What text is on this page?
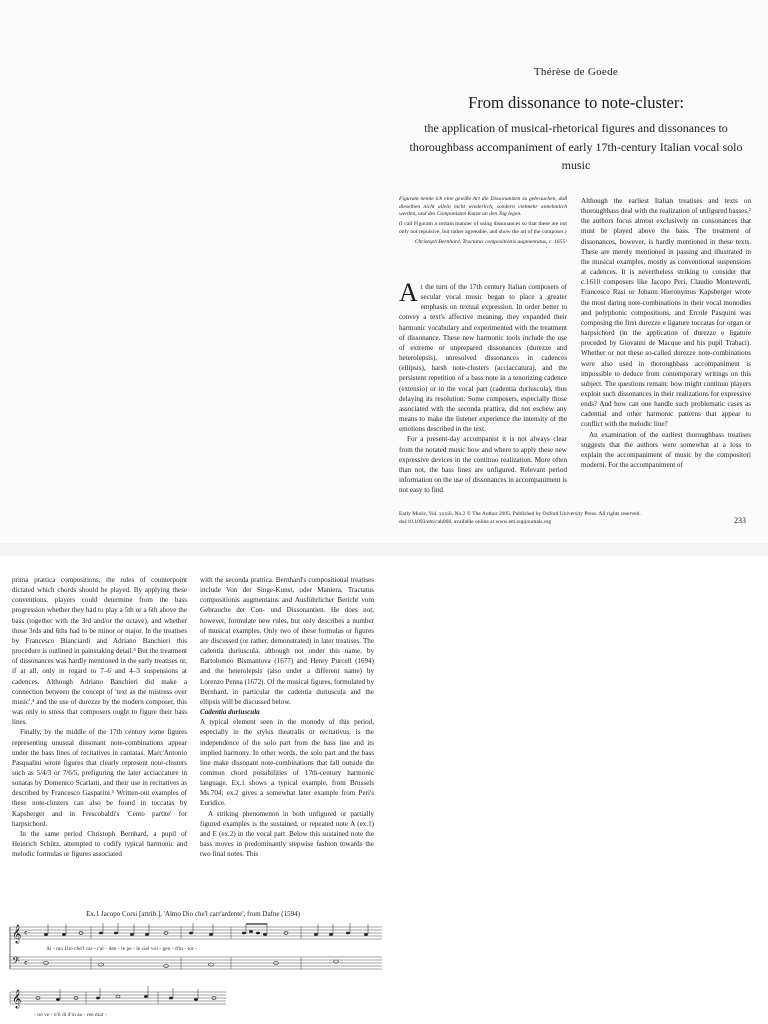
Thérèse de Goede
From dissonance to note-cluster:
the application of musical-rhetorical figures and dissonances to thoroughbass accompaniment of early 17th-century Italian vocal solo music

Figuram nenne ich eine gewiße Art die Dissonantzen zu gebrauchen, daß dieselben nicht allein nicht wiederlich, sondern vielmehr annehmlich werden, und des Componisten Kunst an den Tag legen.

(I call Figuram a certain manner of using dissonances so that these are not only not repulsive, but rather agreeable, and show the art of the composer.)

Christoph Bernhard, Tractatus compositionis augmentatus, c. 1655¹

At the turn of the 17th century Italian composers of secular vocal music began to place a greater emphasis on textual expression. In order better to convey a text's affective meaning, they expanded their harmonic vocabulary and experimented with the treatment of dissonance. These new harmonic tools include the use of extreme or unprepared dissonances (durezze and heterolepsis), unresolved dissonances in cadences (ellipsis), harsh note-clusters (acciaccatura), and the persistent repetition of a bass note in a tenorizing cadence (extensio) or in the vocal part (cadentia duriuscula), thus delaying its resolution. Some composers, especially those associated with the seconda prattica, did not eschew any means to make the listener experience the intensity of the emotions described in the text.

For a present-day accompanist it is not always clear from the notated music how and where to apply these new expressive devices in the continuo realization. More often than not, the bass lines are unfigured. Relevant period information on the use of dissonances in accompaniment is not easy to find.

Although the earliest Italian treatises and texts on thoroughbass deal with the realization of unfigured basses,² the authors focus almost exclusively on consonances that must be played above the bass. The treatment of dissonances, however, is hardly mentioned in these texts. These are merely mentioned in passing and illustrated in the musical examples, mostly as conventional suspensions at cadences. It is nevertheless striking to consider that c.1610 composers like Jacopo Peri, Claudio Monteverdi, Francesco Rasi or Johann Hieronymus Kapsberger wrote the most daring note-combinations in their vocal monodies and polyphonic compositions, and Ercole Pasquini was composing the first durezze e ligature toccatas for organ or harpsichord (in the application of durezze e ligature preceded by Giovanni de Macque and his pupil Trabaci). Whether or not these so-called durezze note-combinations were also used in thoroughbass accompaniment is impossible to deduce from contemporary writings on this subject. The questions remain: how might continuo players exploit such dissonances in their realizations for expressive ends? And how can one handle such problematic cases as cadential and other harmonic patterns that appear to conflict with the melodic line?

An examination of the earliest thoroughbass treatises suggests that the authors were somewhat at a loss to explain the accompaniment of music by the compositori moderni. For the accompaniment of

Early Music, Vol. xxxiii, No.2 © The Author 2005. Published by Oxford University Press. All rights reserved.
doi:10.1093/em/cah068, available online at www.em.oupjournals.org	233

prima prattica compositions, the rules of counterpoint dictated which chords should be played. By applying these conventions, players could determine from the bass progression whether they had to play a 5th or a 6th above the bass (together with the 3rd and/or the octave), and whether those 3rds and 6ths had to be minor or major. In the treatises by Francesco Bianciardi and Adriano Banchieri this procedure is outlined in painstaking detail.³ But the treatment of dissonances was hardly mentioned in the early treatises or, if at all, only in regard to 7–6 and 4–3 suspensions at cadences. Although Adriano Banchieri did make a connection between the concept of 'text as the mistress over music',⁴ and the use of durezze by the modern composer, this was only to stress that composers ought to figure their bass lines.

Finally, by the middle of the 17th century some figures representing unusual dissonant note-combinations appear under the bass lines of recitatives in cantatas. Marc'Antonio Pasqualini wrote figures that clearly represent note-clusters such as 5/4/3 or 7/6/5, prefiguring the later acciaccature in sonatas by Domenico Scarlatti, and their use in recitatives as described by Francesco Gasparini.⁵ Written-out examples of these note-clusters can also be found in toccatas by Kapsberger and in Frescobaldi's 'Cento partite' for harpsichord.

In the same period Christoph Bernhard, a pupil of Heinrich Schütz, attempted to codify typical harmonic and melodic formulas or figures associated

with the seconda prattica. Bernhard's compositional treatises include Von der Singe-Kunst, oder Maniera, Tractatus compositionis augmentatus and Ausführlicher Bericht vom Gebrauche der Con- und Dissonantien. He does not, however, formulate new rules, but only describes a number of musical examples. Only two of these formulas or figures are discussed (or rather, demonstrated) in later treatises. The cadentia duriuscula, although not under this name, by Bartolomeo Bismantova (1677) and Henry Purcell (1694) and the heterolepsis (also under a different name) by Lorenzo Penna (1672). Of the musical figures, formulated by Bernhard, in particular the cadentia duriuscula and the ellipsis will be discussed below.

Cadentia duriuscula

A typical element seen in the monody of this period, especially in the stylus theatralis or recitativus, is the independence of the solo part from the bass line and its implied harmony. In other words, the solo part and the bass line make dissonant note-combinations that fall outside the common chord possibilities of 17th-century harmonic language. Ex.1 shows a typical example, from Brussels Ms.704; ex.2 gives a somewhat later example from Peri's Euridice.

A striking phenomenon in both unfigured or partially figured examples is the sustained, or repeated note A (ex.1) and E (ex.2) in the vocal part. Below this sustained note the bass moves in predominantly stepwise fashion towards the two final notes. This

Ex.1 Jacopo Corsi [attrib.], 'Almo Dio che'l carr'ardente', from Dafne (1594)
𝄞 𝄴
Al - mo Dio che'l car - r'ar - den - te pe - le ciel vol - gen - d'in - tor -
𝄢 𝄴
𝄞
- no ve - n'il di d'in au - ree mar -
